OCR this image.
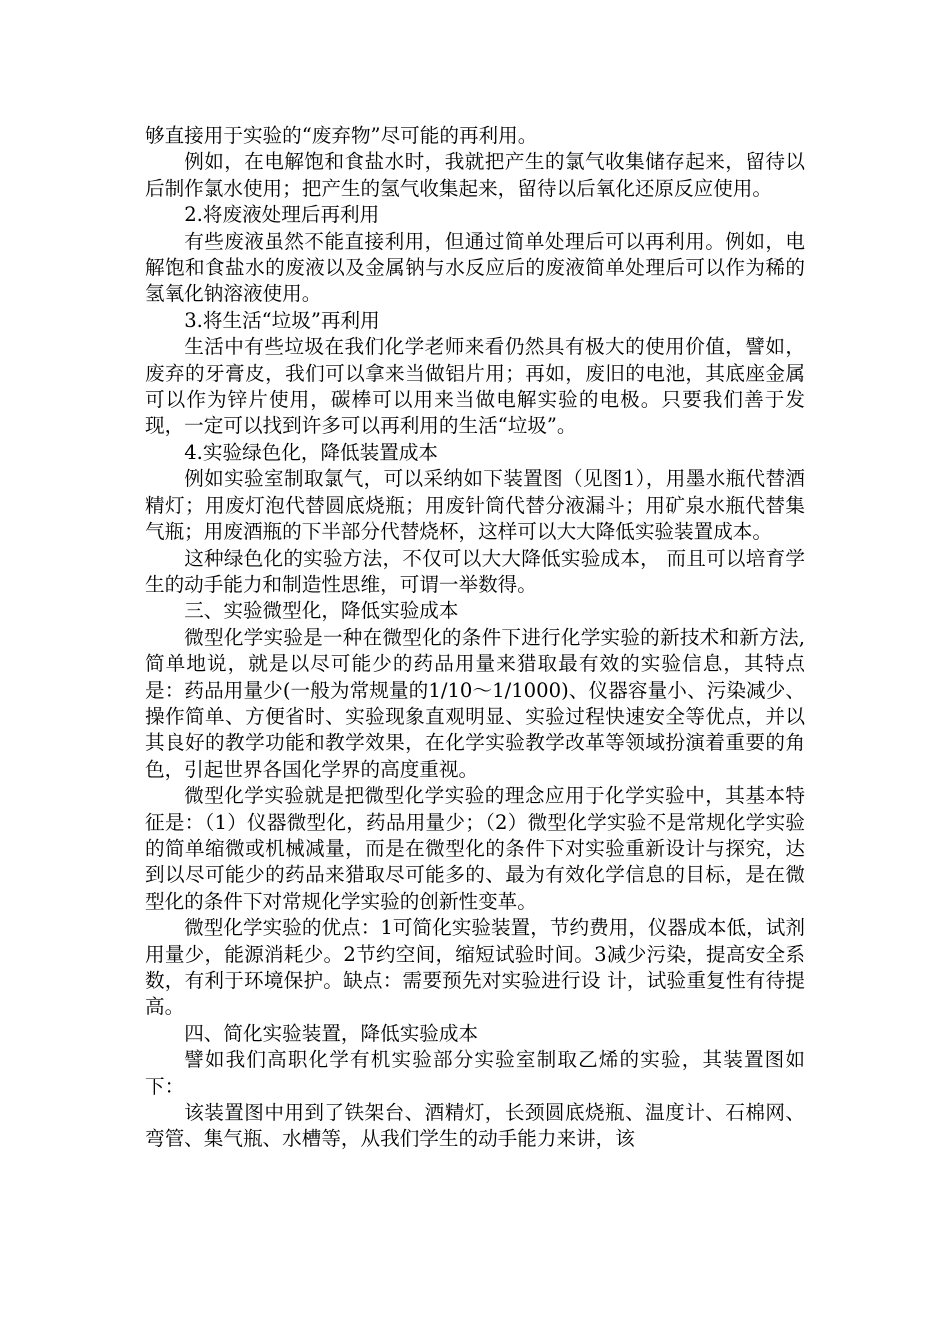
够直接用于实验的“废弃物”尽可能的再利用。

例如，在电解饱和食盐水时，我就把产生的氯气收集储存起来，留待以后制作氯水使用；把产生的氢气收集起来，留待以后氧化还原反应使用。

2.将废液处理后再利用

有些废液虽然不能直接利用，但通过简单处理后可以再利用。例如，电解饱和食盐水的废液以及金属钠与水反应后的废液简单处理后可以作为稀的氢氧化钠溶液使用。

3.将生活“垃圾”再利用

生活中有些垃圾在我们化学老师来看仍然具有极大的使用价值，譬如，废弃的牙膏皮，我们可以拿来当做铝片用；再如，废旧的电池，其底座金属可以作为锌片使用，碳棒可以用来当做电解实验的电极。只要我们善于发现，一定可以找到许多可以再利用的生活“垃圾”。

4.实验绿色化，降低装置成本

例如实验室制取氯气，可以采纳如下装置图（见图1），用墨水瓶代替酒精灯；用废灯泡代替圆底烧瓶；用废针筒代替分液漏斗；用矿泉水瓶代替集气瓶；用废酒瓶的下半部分代替烧杯，这样可以大大降低实验装置成本。

这种绿色化的实验方法，不仅可以大大降低实验成本， 而且可以培育学生的动手能力和制造性思维，可谓一举数得。

三、实验微型化，降低实验成本

微型化学实验是一种在微型化的条件下进行化学实验的新技术和新方法,简单地说，就是以尽可能少的药品用量来猎取最有效的实验信息，其特点是：药品用量少(一般为常规量的1/10～1/1000)、仪器容量小、污染减少、操作简单、方便省时、实验现象直观明显、实验过程快速安全等优点，并以其良好的教学功能和教学效果，在化学实验教学改革等领域扮演着重要的角色，引起世界各国化学界的高度重视。

微型化学实验就是把微型化学实验的理念应用于化学实验中，其基本特征是：（1）仪器微型化，药品用量少；（2）微型化学实验不是常规化学实验的简单缩微或机械减量，而是在微型化的条件下对实验重新设计与探究，达到以尽可能少的药品来猎取尽可能多的、最为有效化学信息的目标，是在微型化的条件下对常规化学实验的创新性变革。

微型化学实验的优点：1可简化实验装置，节约费用，仪器成本低，试剂用量少，能源消耗少。2节约空间，缩短试验时间。3减少污染，提高安全系数，有利于环境保护。缺点：需要预先对实验进行设 计，试验重复性有待提高。

四、简化实验装置，降低实验成本

譬如我们高职化学有机实验部分实验室制取乙烯的实验，其装置图如下：

该装置图中用到了铁架台、酒精灯，长颈圆底烧瓶、温度计、石棉网、弯管、集气瓶、水槽等，从我们学生的动手能力来讲，该
